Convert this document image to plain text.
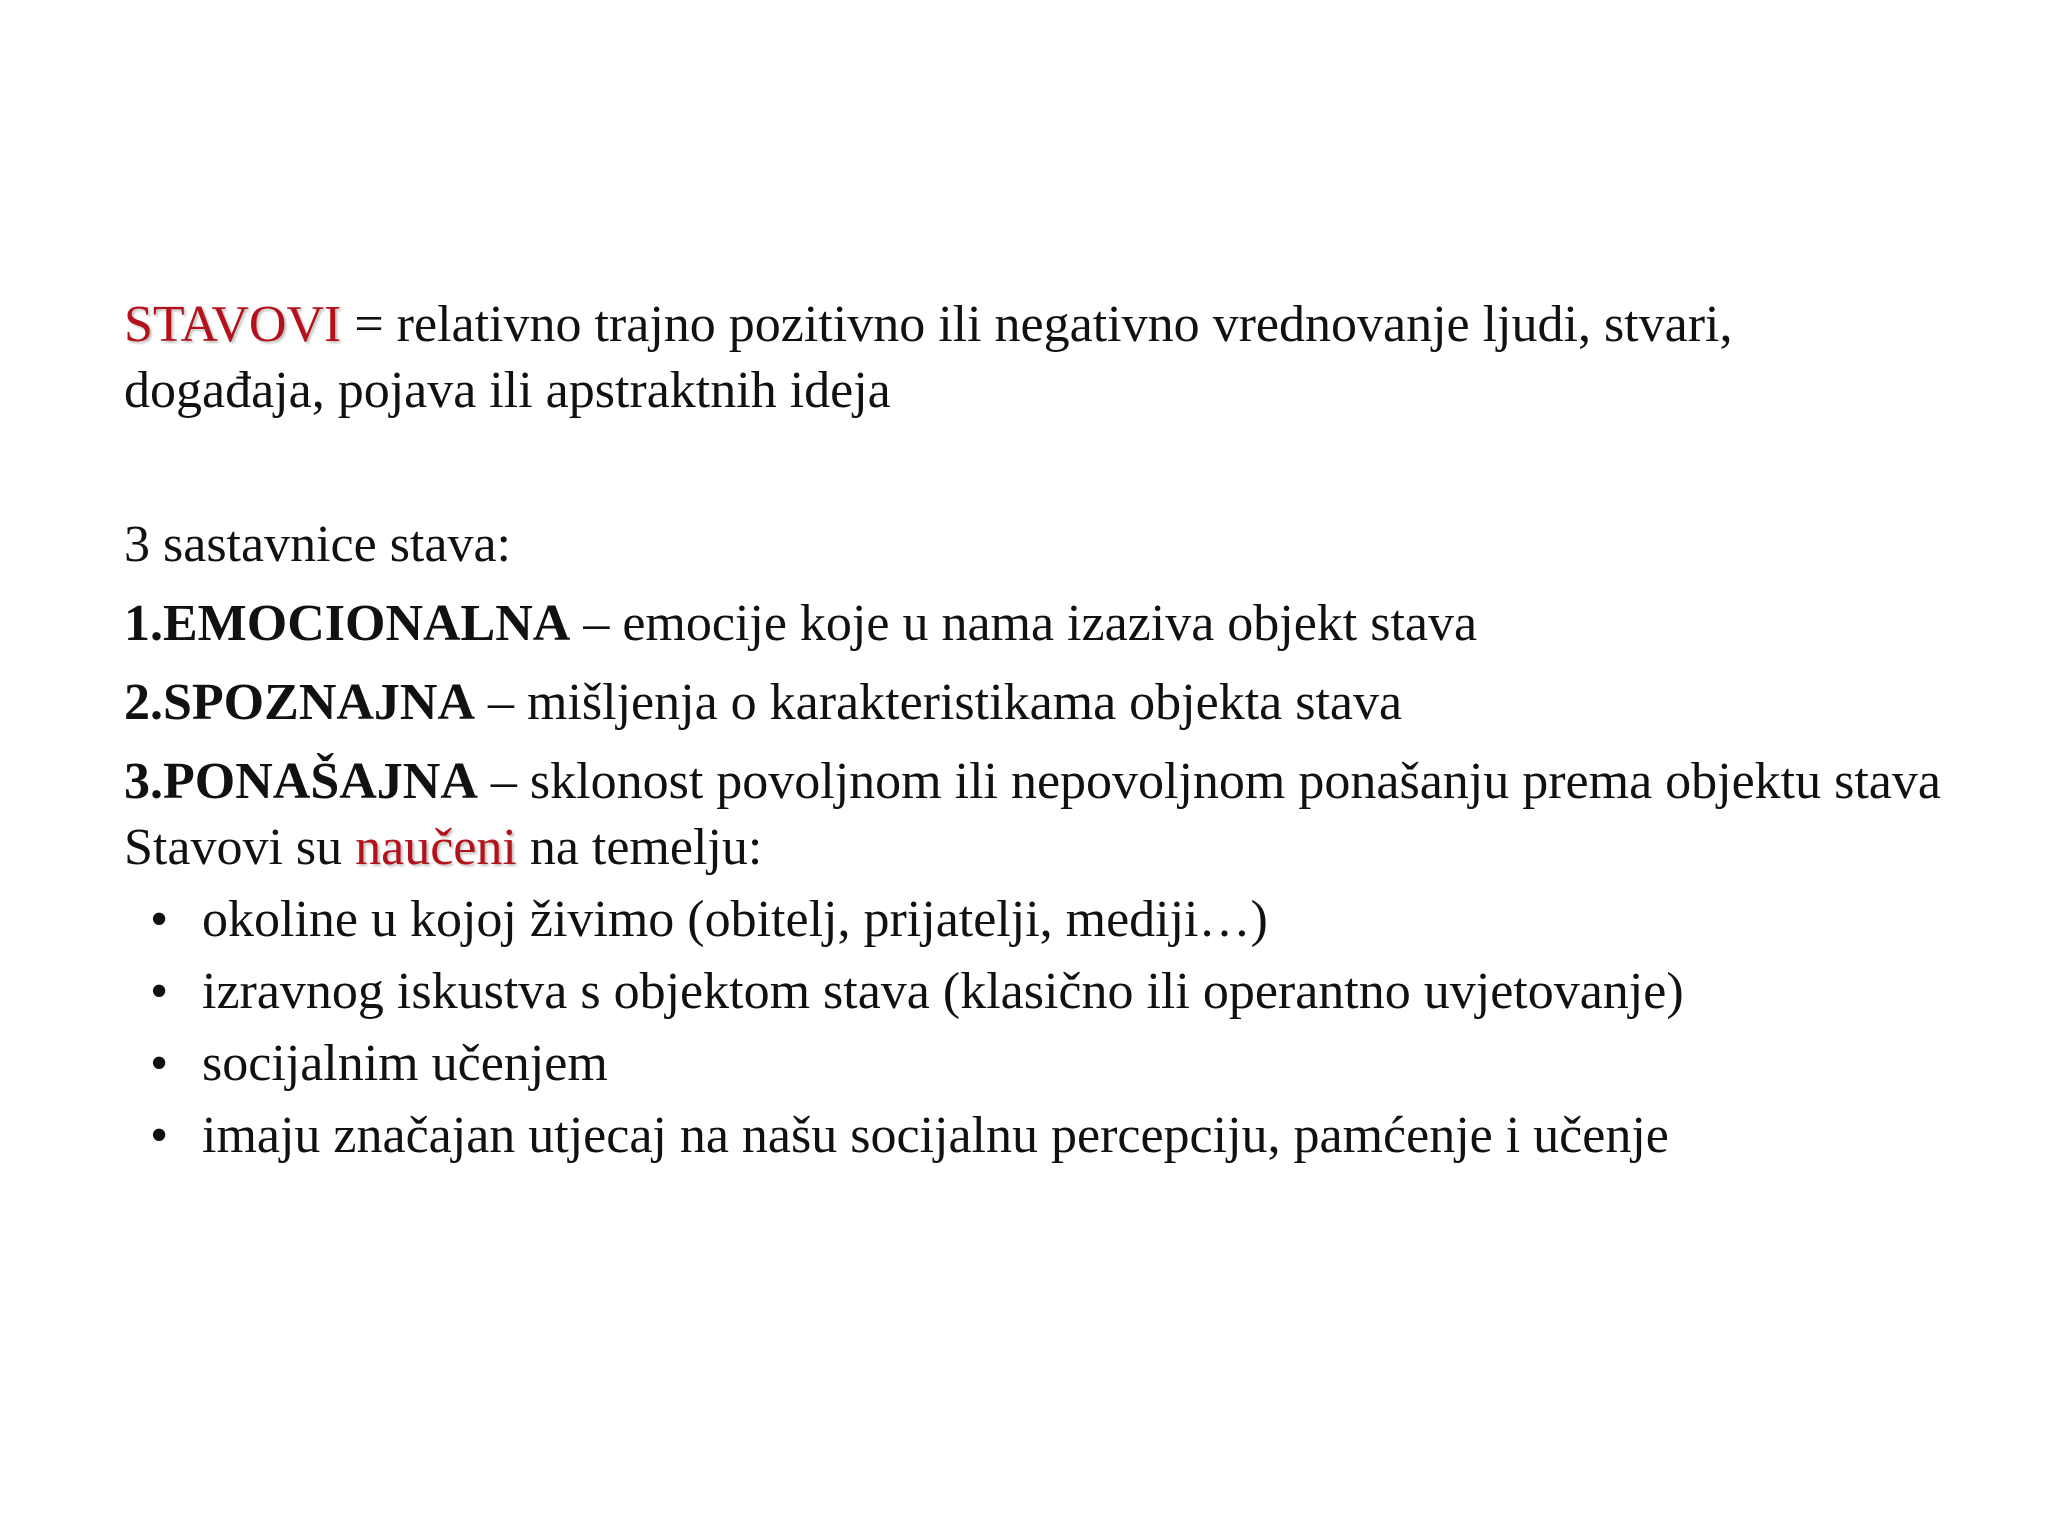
STAVOVI = relativno trajno pozitivno ili negativno vrednovanje ljudi, stvari, događaja, pojava ili apstraktnih ideja

3 sastavnice stava:

1.EMOCIONALNA – emocije koje u nama izaziva objekt stava

2.SPOZNAJNA – mišljenja o karakteristikama objekta stava

3.PONAŠAJNA – sklonost povoljnom ili nepovoljnom ponašanju prema objektu stava

Stavovi su naučeni na temelju:

• okoline u kojoj živimo (obitelj, prijatelji, mediji…)
• izravnog iskustva s objektom stava (klasično ili operantno uvjetovanje)
• socijalnim učenjem
• imaju značajan utjecaj na našu socijalnu percepciju, pamćenje i učenje
